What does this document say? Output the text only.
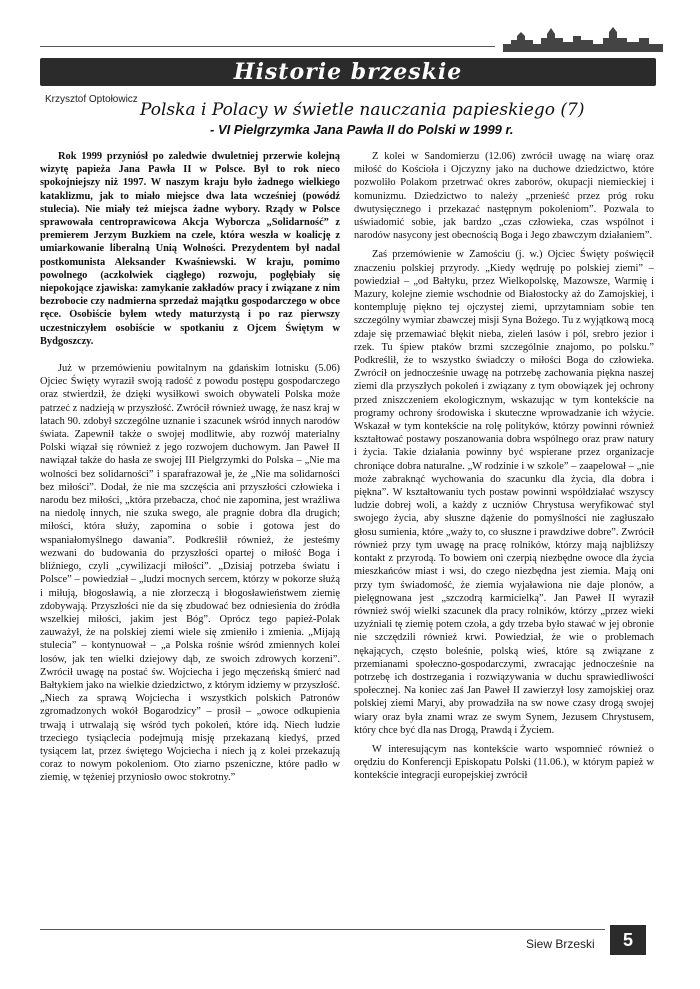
Historie brzeskie
Krzysztof Optołowicz
Polska i Polacy w świetle nauczania papieskiego (7)
- VI Pielgrzymka Jana Pawła II do Polski w 1999 r.

Rok 1999 przyniósł po zaledwie dwuletniej przerwie kolejną wizytę papieża Jana Pawła II w Polsce. Był to rok nieco spokojniejszy niż 1997. W naszym kraju było żadnego wielkiego kataklizmu, jak to miało miejsce dwa lata wcześniej (powódź stulecia). Nie miały też miejsca żadne wybory. Rządy w Polsce sprawowała centroprawicowa Akcja Wyborcza „Solidarność” z premierem Jerzym Buzkiem na czele, która weszła w koalicję z umiarkowanie liberalną Unią Wolności. Prezydentem był nadal postkomunista Aleksander Kwaśniewski. W kraju, pomimo powolnego (aczkolwiek ciągłego) rozwoju, pogłębiały się niepokojące zjawiska: zamykanie zakładów pracy i związane z nim bezrobocie czy nadmierna sprzedaż majątku gospodarczego w obce ręce. Osobiście byłem wtedy maturzystą i po raz pierwszy uczestniczyłem osobiście w spotkaniu z Ojcem Świętym w Bydgoszczy.

Już w przemówieniu powitalnym na gdańskim lotnisku (5.06) Ojciec Święty wyraził swoją radość z powodu postępu gospodarczego oraz stwierdził, że dzięki wysiłkowi swoich obywateli Polska może patrzeć z nadzieją w przyszłość. Zwrócił również uwagę, że nasz kraj w latach 90. zdobył szczególne uznanie i szacunek wśród innych narodów świata. Zapewnił także o swojej modlitwie, aby rozwój materialny Polski wiązał się również z jego rozwojem duchowym. Jan Paweł II nawiązał także do hasła ze swojej III Pielgrzymki do Polska – „Nie ma wolności bez solidarności” i sparafrazował je, że „Nie ma solidarności bez miłości”. Dodał, że nie ma szczęścia ani przyszłości człowieka i narodu bez miłości, „która przebacza, choć nie zapomina, jest wrażliwa na niedolę innych, nie szuka swego, ale pragnie dobra dla drugich; miłości, która służy, zapomina o sobie i gotowa jest do wspaniałomyślnego dawania”. Podkreślił również, że jesteśmy wezwani do budowania do przyszłości opartej o miłość Boga i bliźniego, czyli „cywilizacji miłości”. „Dzisiaj potrzeba światu i Polsce” – powiedział – „ludzi mocnych sercem, którzy w pokorze służą i miłują, błogosławią, a nie złorzeczą i błogosławieństwem ziemię zdobywają. Przyszłości nie da się zbudować bez odniesienia do źródła wszelkiej miłości, jakim jest Bóg”. Oprócz tego papież-Polak zauważył, że na polskiej ziemi wiele się zmieniło i zmienia. „Mijają stulecia” – kontynuował – „a Polska rośnie wśród zmiennych kolei losów, jak ten wielki dziejowy dąb, ze swoich zdrowych korzeni”. Zwrócił uwagę na postać św. Wojciecha i jego męczeńską śmierć nad Bałtykiem jako na wielkie dziedzictwo, z którym idziemy w przyszłość. „Niech za sprawą Wojciecha i wszystkich polskich Patronów zgromadzonych wokół Bogarodzicy” – prosił – „owoce odkupienia trwają i utrwalają się wśród tych pokoleń, które idą. Niech ludzie trzeciego tysiąclecia podejmują misję przekazaną kiedyś, przed tysiącem lat, przez świętego Wojciecha i niech ją z kolei przekazują coraz to nowym pokoleniom. Oto ziarno pszeniczne, które padło w ziemię, w tężeniej przyniosło owoc stokrotny.”

Z kolei w Sandomierzu (12.06) zwrócił uwagę na wiarę oraz miłość do Kościoła i Ojczyzny jako na duchowe dziedzictwo, które pozwoliło Polakom przetrwać okres zaborów, okupacji niemieckiej i komunizmu. Dziedzictwo to należy „przenieść przez próg roku dwutysięcznego i przekazać następnym pokoleniom”. Pozwala to uświadomić sobie, jak bardzo „czas człowieka, czas wspólnot i narodów nasycony jest obecnością Boga i Jego zbawczym działaniem”.

Zaś przemówienie w Zamościu (j. w.) Ojciec Święty poświęcił znaczeniu polskiej przyrody. „Kiedy wędruję po polskiej ziemi” – powiedział – „od Bałtyku, przez Wielkopolskę, Mazowsze, Warmię i Mazury, kolejne ziemie wschodnie od Białostocky aż do Zamojskiej, i kontempluję piękno tej ojczystej ziemi, uprzytamniam sobie ten szczególny wymiar zbawczej misji Syna Bożego. Tu z wyjątkową mocą zdaje się przemawiać błękit nieba, zieleń lasów i pól, srebro jezior i rzek. Tu śpiew ptaków brzmi szczególnie znajomo, po polsku.” Podkreślił, że to wszystko świadczy o miłości Boga do człowieka. Zwrócił on jednocześnie uwagę na potrzebę zachowania piękna naszej ziemi dla przyszłych pokoleń i związany z tym obowiązek jej ochrony przed zniszczeniem ekologicznym, wskazując w tym kontekście na programy ochrony środowiska i skuteczne wprowadzanie ich wżycie. Wskazał w tym kontekście na rolę polityków, którzy powinni również kształtować postawy poszanowania dobra wspólnego oraz praw natury i życia. Takie działania powinny być wspierane przez organizacje chroniące dobra naturalne. „W rodzinie i w szkole” – zaapelował – „nie może zabraknąć wychowania do szacunku dla życia, dla dobra i piękna”. W kształtowaniu tych postaw powinni współdziałać wszyscy ludzie dobrej woli, a każdy z uczniów Chrystusa weryfikować styl swojego życia, aby słuszne dążenie do pomyślności nie zagłuszało głosu sumienia, które „waży to, co słuszne i prawdziwe dobre”. Zwrócił również przy tym uwagę na pracę rolników, którzy mają najbliższy kontakt z przyrodą. To bowiem oni czerpią niezbędne owoce dla życia mieszkańców miast i wsi, do czego niezbędna jest ziemia. Mają oni przy tym świadomość, że ziemia wyjaławiona nie daje plonów, a pielęgnowana jest „szczodrą karmicielką”. Jan Paweł II wyraził również swój wielki szacunek dla pracy rolników, którzy „przez wieki uzyźniali tę ziemię potem czoła, a gdy trzeba było stawać w jej obronie nie szczędzili również krwi. Powiedział, że wie o problemach nękających, często boleśnie, polską wieś, które są związane z przemianami społeczno-gospodarczymi, zwracając jednocześnie na potrzebę ich dostrzegania i rozwiązywania w duchu sprawiedliwości społecznej. Na koniec zaś Jan Paweł II zawierzył losy zamojskiej oraz polskiej ziemi Maryi, aby prowadziła na sw nowe czasy drogą swojej wiary oraz była znami wraz ze swym Synem, Jezusem Chrystusem, który chce być dla nas Drogą, Prawdą i Życiem.

W interesującym nas kontekście warto wspomnieć również o orędziu do Konferencji Episkopatu Polski (11.06.), w którym papież w kontekście integracji europejskiej zwrócił

Siew Brzeski	5
